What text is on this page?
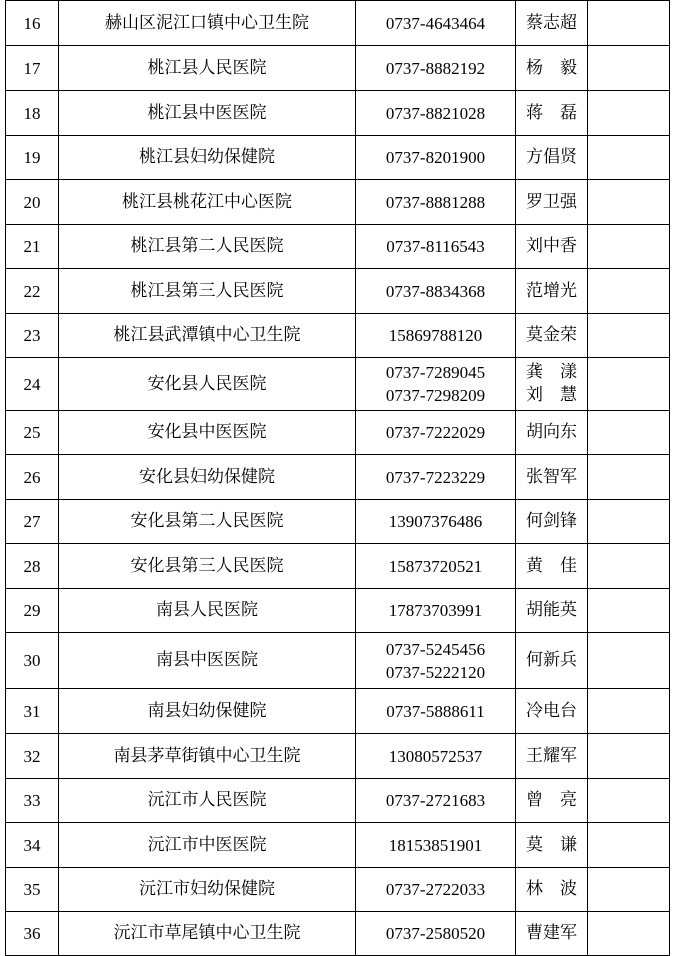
16	赫山区泥江口镇中心卫生院	0737-4643464	蔡志超	

17	桃江县人民医院	0737-8882192	杨　毅	

18	桃江县中医医院	0737-8821028	蒋　磊	

19	桃江县妇幼保健院	0737-8201900	方倡贤	

20	桃江县桃花江中心医院	0737-8881288	罗卫强	

21	桃江县第二人民医院	0737-8116543	刘中香	

22	桃江县第三人民医院	0737-8834368	范增光	

23	桃江县武潭镇中心卫生院	15869788120	莫金荣	

24	安化县人民医院	0737-7289045
0737-7298209	龚　漾
刘　慧	

25	安化县中医医院	0737-7222029	胡向东	

26	安化县妇幼保健院	0737-7223229	张智军	

27	安化县第二人民医院	13907376486	何剑锋	

28	安化县第三人民医院	15873720521	黄　佳	

29	南县人民医院	17873703991	胡能英	

30	南县中医医院	0737-5245456
0737-5222120	何新兵	

31	南县妇幼保健院	0737-5888611	冷电台	

32	南县茅草街镇中心卫生院	13080572537	王耀军	

33	沅江市人民医院	0737-2721683	曾　亮	

34	沅江市中医医院	18153851901	莫　谦	

35	沅江市妇幼保健院	0737-2722033	林　波	

36	沅江市草尾镇中心卫生院	0737-2580520	曹建军	
